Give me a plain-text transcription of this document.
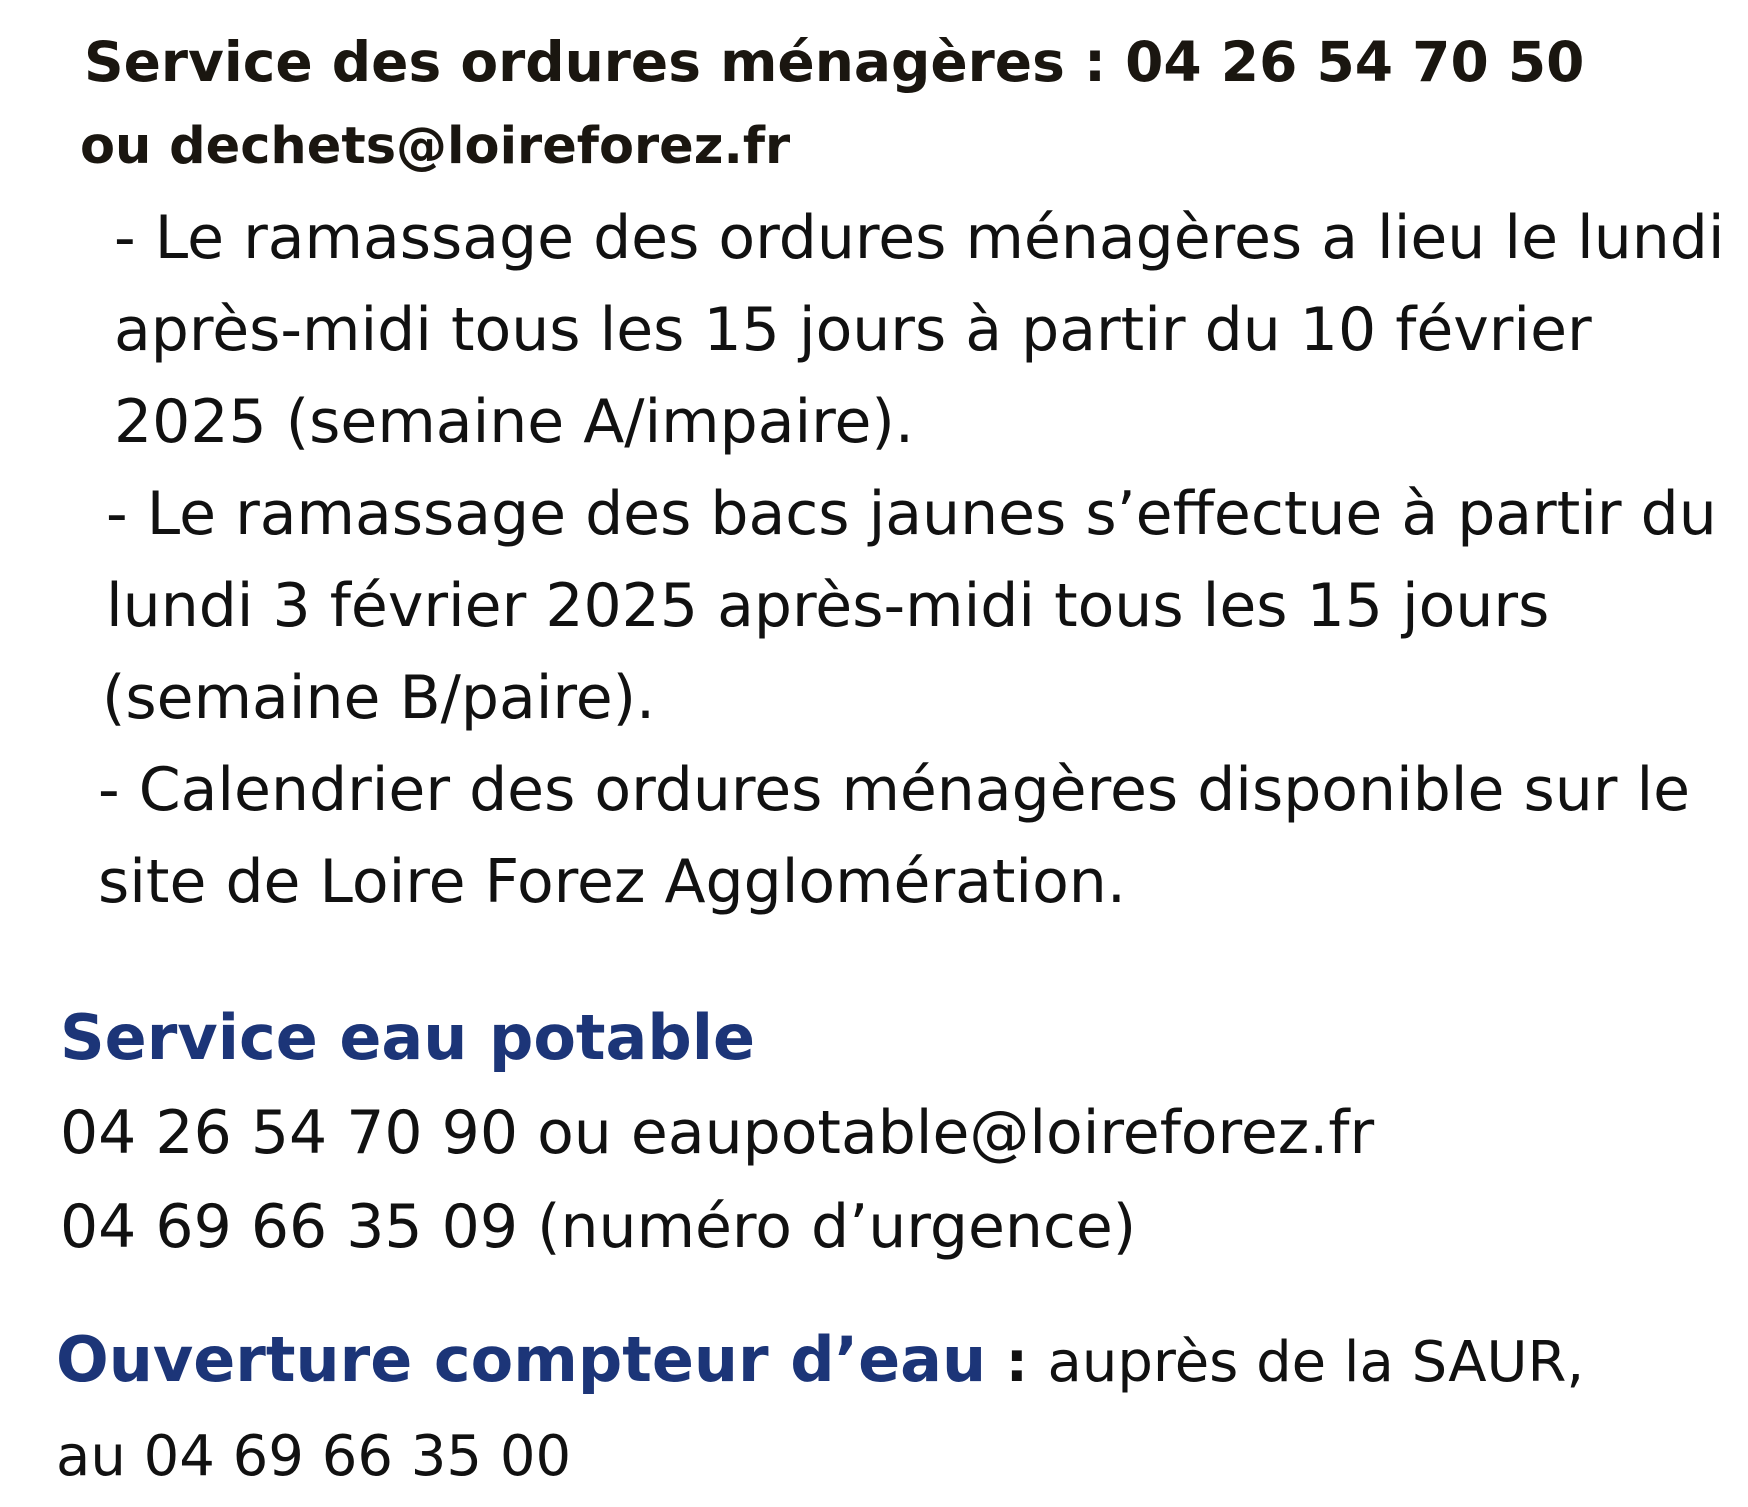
Service des ordures ménagères : 04 26 54 70 50
ou dechets@loireforez.fr
- Le ramassage des ordures ménagères a lieu le lundi
après-midi tous les 15 jours à partir du 10 février
2025 (semaine A/impaire).
- Le ramassage des bacs jaunes s’effectue à partir du
lundi 3 février 2025 après-midi tous les 15 jours
(semaine B/paire).
- Calendrier des ordures ménagères disponible sur le
site de Loire Forez Agglomération.
Service eau potable
04 26 54 70 90 ou eaupotable@loireforez.fr
04 69 66 35 09 (numéro d’urgence)
Ouverture compteur d’eau : auprès de la SAUR,
au 04 69 66 35 00
